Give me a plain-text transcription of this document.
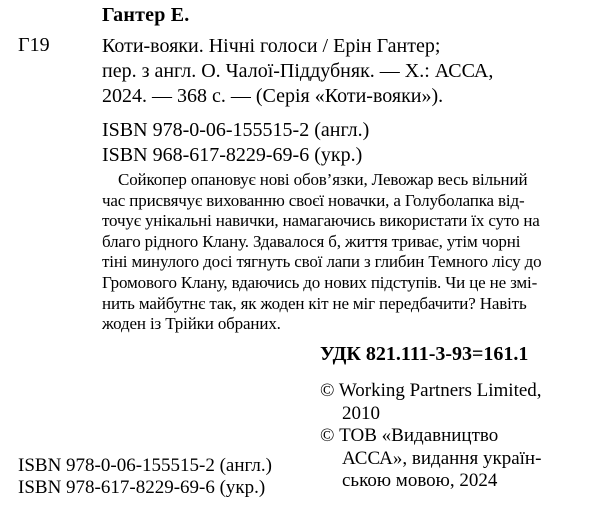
Гантер Е.
Г19	Коти-вояки. Нічні голоси / Ерін Гантер;
пер. з англ. О. Чалої-Піддубняк. — Х.: АССА,
2024. — 368 с. — (Серія «Коти-вояки»).
ISBN 978-0-06-155515-2 (англ.)
ISBN 968-617-8229-69-6 (укр.)
Сойкопер опановує нові обов’язки, Левожар весь вільний
час присвячує вихованню своєї новачки, а Голуболапка від-
точує унікальні навички, намагаючись використати їх суто на
благо рідного Клану. Здавалося б, життя триває, утім чорні
тіні минулого досі тягнуть свої лапи з глибин Темного лісу до
Громового Клану, вдаючись до нових підступів. Чи це не змі-
нить майбутнє так, як жоден кіт не міг передбачити? Навіть
жоден із Трійки обраних.
УДК 821.111-3-93=161.1
© Working Partners Limited,
2010
© ТОВ «Видавництво
АССА», видання україн-
ською мовою, 2024
ISBN 978-0-06-155515-2 (англ.)
ISBN 978-617-8229-69-6 (укр.)
